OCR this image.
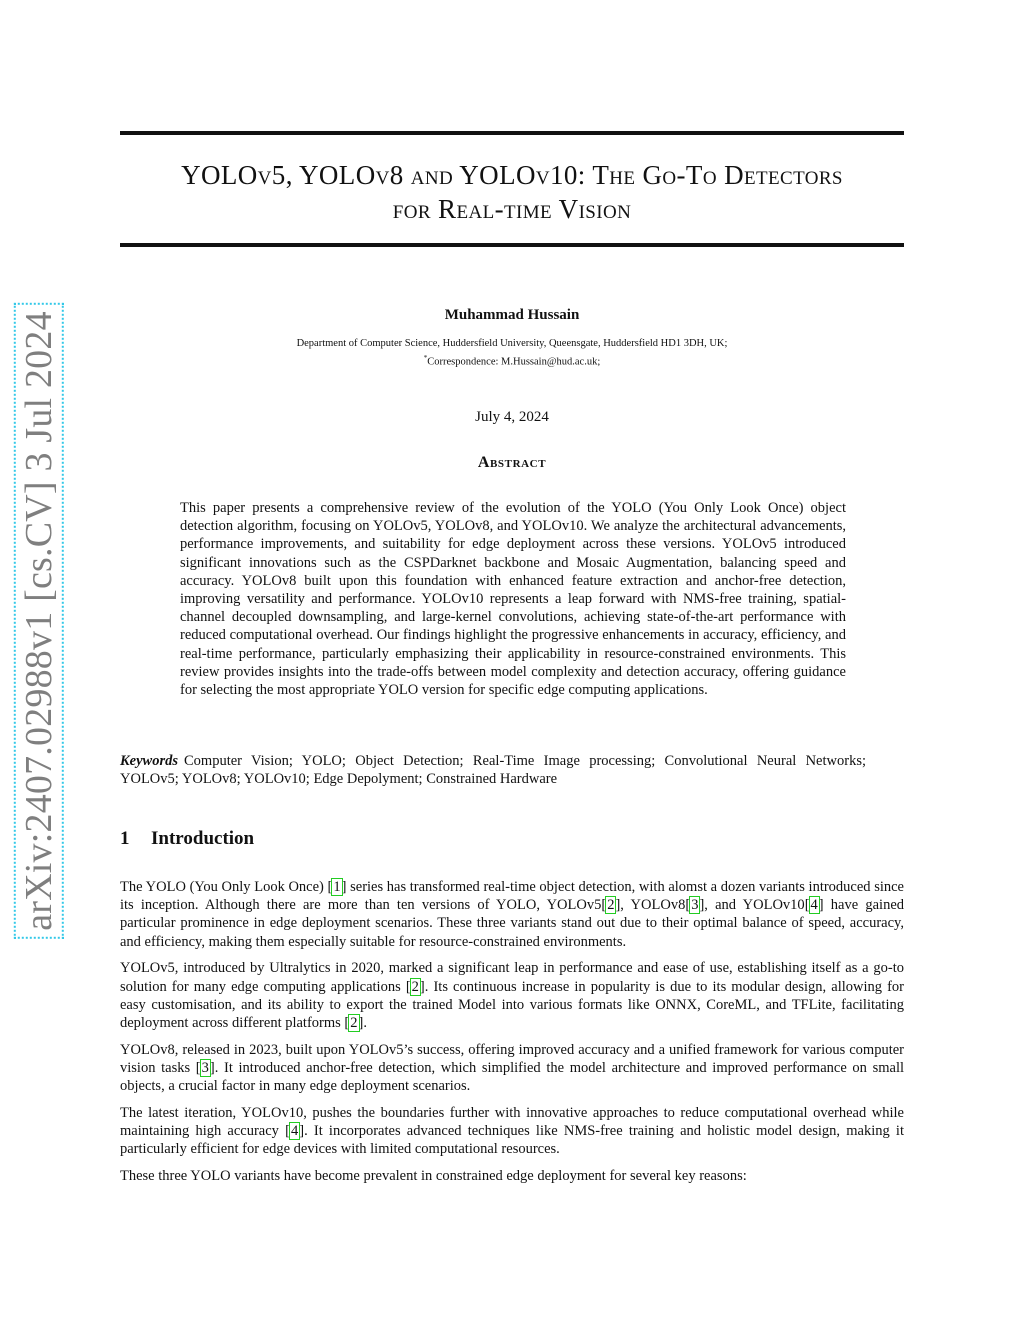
arXiv:2407.02988v1 [cs.CV] 3 Jul 2024
YOLOv5, YOLOv8 and YOLOv10: The Go-To Detectors
for Real-time Vision
Muhammad Hussain
Department of Computer Science, Huddersfield University, Queensgate, Huddersfield HD1 3DH, UK;
*Correspondence: M.Hussain@hud.ac.uk;
July 4, 2024
Abstract
This paper presents a comprehensive review of the evolution of the YOLO (You Only Look Once) object detection algorithm, focusing on YOLOv5, YOLOv8, and YOLOv10. We analyze the architectural advancements, performance improvements, and suitability for edge deployment across these versions. YOLOv5 introduced significant innovations such as the CSPDarknet backbone and Mosaic Augmentation, balancing speed and accuracy. YOLOv8 built upon this foundation with enhanced feature extraction and anchor-free detection, improving versatility and performance. YOLOv10 represents a leap forward with NMS-free training, spatial-channel decoupled downsampling, and large-kernel convolutions, achieving state-of-the-art performance with reduced computational overhead. Our findings highlight the progressive enhancements in accuracy, efficiency, and real-time performance, particularly emphasizing their applicability in resource-constrained environments. This review provides insights into the trade-offs between model complexity and detection accuracy, offering guidance for selecting the most appropriate YOLO version for specific edge computing applications.
Keywords Computer Vision; YOLO; Object Detection; Real-Time Image processing; Convolutional Neural Networks; YOLOv5; YOLOv8; YOLOv10; Edge Depolyment; Constrained Hardware
1 Introduction

The YOLO (You Only Look Once) [1] series has transformed real-time object detection, with alomst a dozen variants introduced since its inception. Although there are more than ten versions of YOLO, YOLOv5[2], YOLOv8[3], and YOLOv10[4] have gained particular prominence in edge deployment scenarios. These three variants stand out due to their optimal balance of speed, accuracy, and efficiency, making them especially suitable for resource-constrained environments.

YOLOv5, introduced by Ultralytics in 2020, marked a significant leap in performance and ease of use, establishing itself as a go-to solution for many edge computing applications [2]. Its continuous increase in popularity is due to its modular design, allowing for easy customisation, and its ability to export the trained Model into various formats like ONNX, CoreML, and TFLite, facilitating deployment across different platforms [2].

YOLOv8, released in 2023, built upon YOLOv5’s success, offering improved accuracy and a unified framework for various computer vision tasks [3]. It introduced anchor-free detection, which simplified the model architecture and improved performance on small objects, a crucial factor in many edge deployment scenarios.

The latest iteration, YOLOv10, pushes the boundaries further with innovative approaches to reduce computational overhead while maintaining high accuracy [4]. It incorporates advanced techniques like NMS-free training and holistic model design, making it particularly efficient for edge devices with limited computational resources.

These three YOLO variants have become prevalent in constrained edge deployment for several key reasons:
